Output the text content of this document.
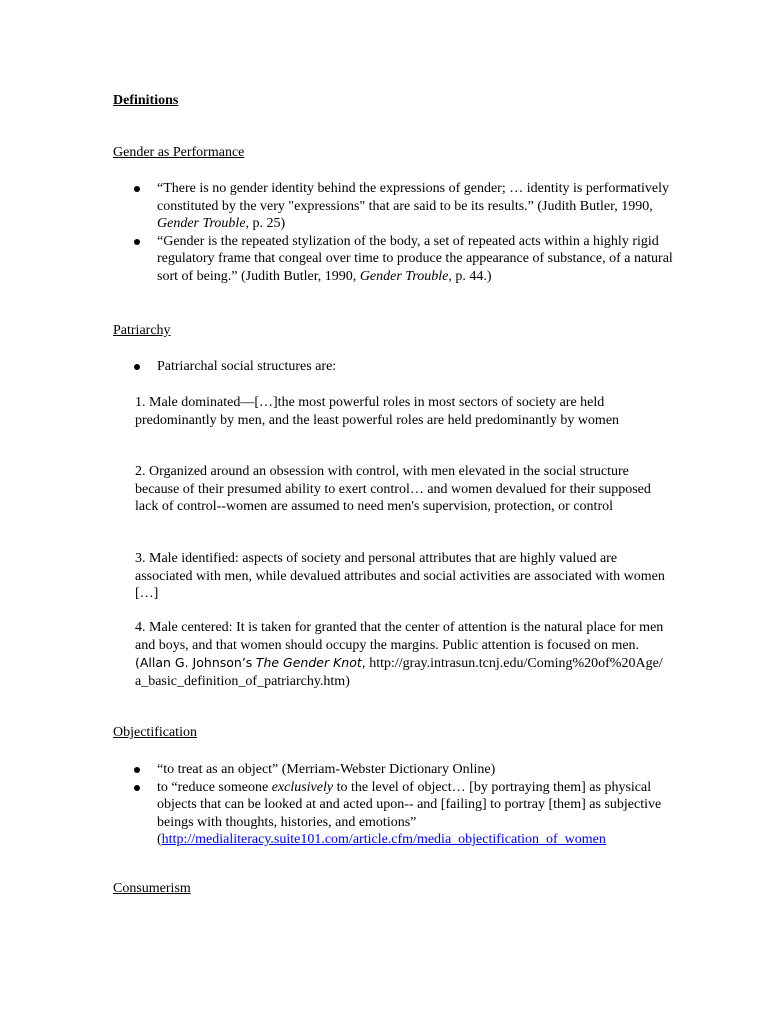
Definitions
Gender as Performance
“There is no gender identity behind the expressions of gender; … identity is performatively constituted by the very "expressions" that are said to be its results.” (Judith Butler, 1990, Gender Trouble, p. 25)
“Gender is the repeated stylization of the body, a set of repeated acts within a highly rigid regulatory frame that congeal over time to produce the appearance of substance, of a natural sort of being.” (Judith Butler, 1990, Gender Trouble, p. 44.)
Patriarchy
Patriarchal social structures are:
1. Male dominated—[…]the most powerful roles in most sectors of society are held predominantly by men, and the least powerful roles are held predominantly by women
2. Organized around an obsession with control, with men elevated in the social structure because of their presumed ability to exert control… and women devalued for their supposed lack of control--women are assumed to need men's supervision, protection, or control
3. Male identified: aspects of society and personal attributes that are highly valued are associated with men, while devalued attributes and social activities are associated with women […]
4. Male centered: It is taken for granted that the center of attention is the natural place for men and boys, and that women should occupy the margins. Public attention is focused on men. (Allan G. Johnson’s The Gender Knot, http://gray.intrasun.tcnj.edu/Coming%20of%20Age/a_basic_definition_of_patriarchy.htm)
Objectification
“to treat as an object” (Merriam-Webster Dictionary Online)
to “reduce someone exclusively to the level of object… [by portraying them] as physical objects that can be looked at and acted upon-- and [failing] to portray [them] as subjective beings with thoughts, histories, and emotions” (http://medialiteracy.suite101.com/article.cfm/media_objectification_of_women
Consumerism
